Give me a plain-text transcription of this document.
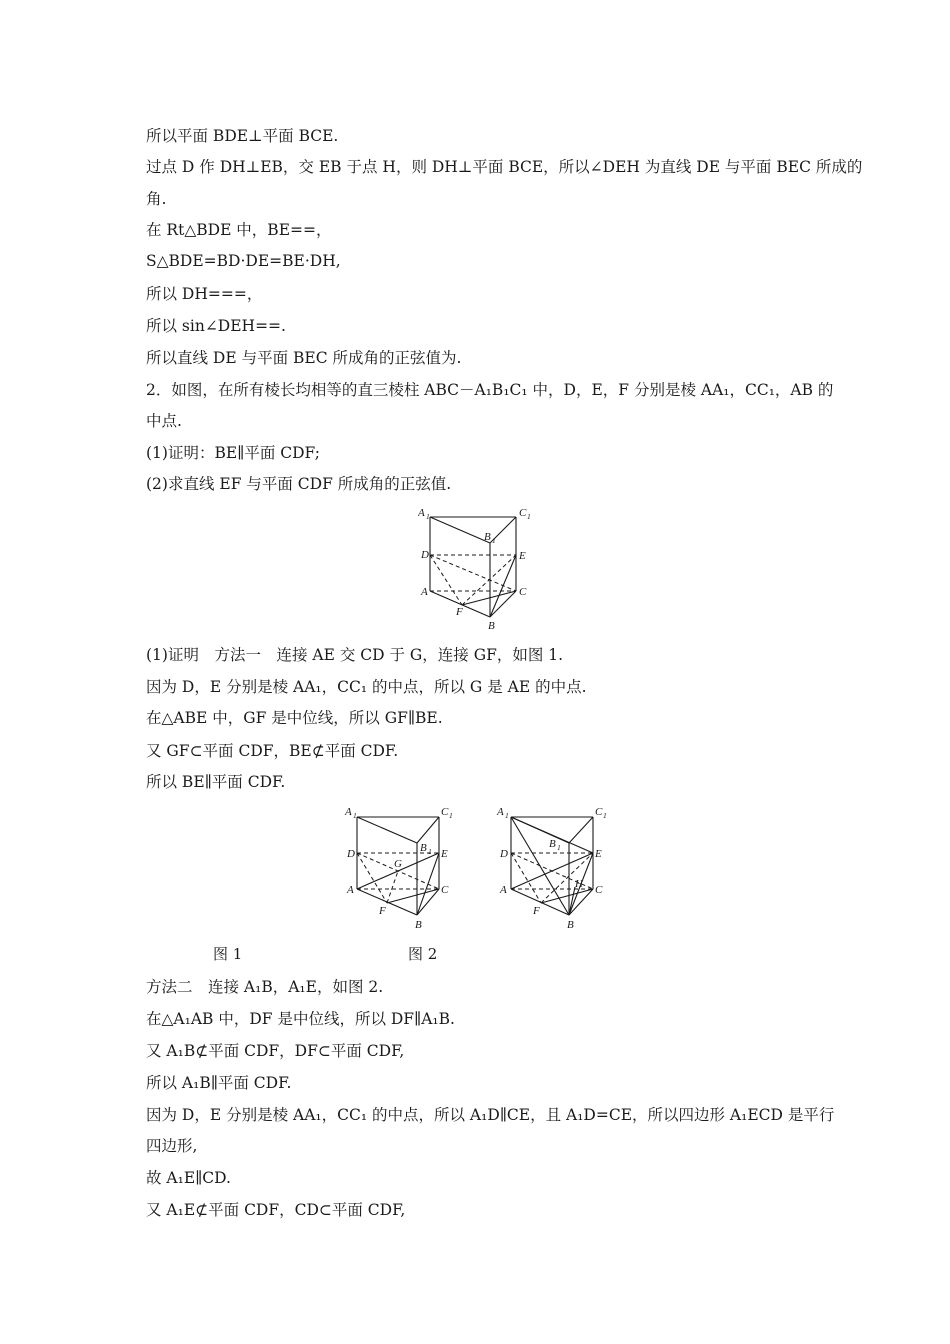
所以平面 BDE⊥平面 BCE.
过点 D 作 DH⊥EB，交 EB 于点 H，则 DH⊥平面 BCE，所以∠DEH 为直线 DE 与平面 BEC 所成的
角.
在 Rt△BDE 中，BE==，
S△BDE=BD·DE=BE·DH,
所以 DH===，
所以 sin∠DEH==.
所以直线 DE 与平面 BEC 所成角的正弦值为.
2．如图，在所有棱长均相等的直三棱柱 ABC－A₁B₁C₁ 中，D，E，F 分别是棱 AA₁，CC₁，AB 的
中点.
(1)证明：BE∥平面 CDF;
(2)求直线 EF 与平面 CDF 所成角的正弦值.
A 1	C 1
B 1
D	E
A	C
F
B
(1)证明　方法一　连接 AE 交 CD 于 G，连接 GF，如图 1.
因为 D，E 分别是棱 AA₁，CC₁ 的中点，所以 G 是 AE 的中点.
在△ABE 中，GF 是中位线，所以 GF∥BE.
又 GF⊂平面 CDF，BE⊄平面 CDF.
所以 BE∥平面 CDF.
A 1	C 1
B 1
D
G
E
A	C
F
B
A 1	C 1
B 1
D	E
H
A	C
F
B
图 1	图 2
方法二　连接 A₁B，A₁E，如图 2.
在△A₁AB 中，DF 是中位线，所以 DF∥A₁B.
又 A₁B⊄平面 CDF，DF⊂平面 CDF,
所以 A₁B∥平面 CDF.
因为 D，E 分别是棱 AA₁，CC₁ 的中点，所以 A₁D∥CE，且 A₁D=CE，所以四边形 A₁ECD 是平行
四边形,
故 A₁E∥CD.
又 A₁E⊄平面 CDF，CD⊂平面 CDF,
